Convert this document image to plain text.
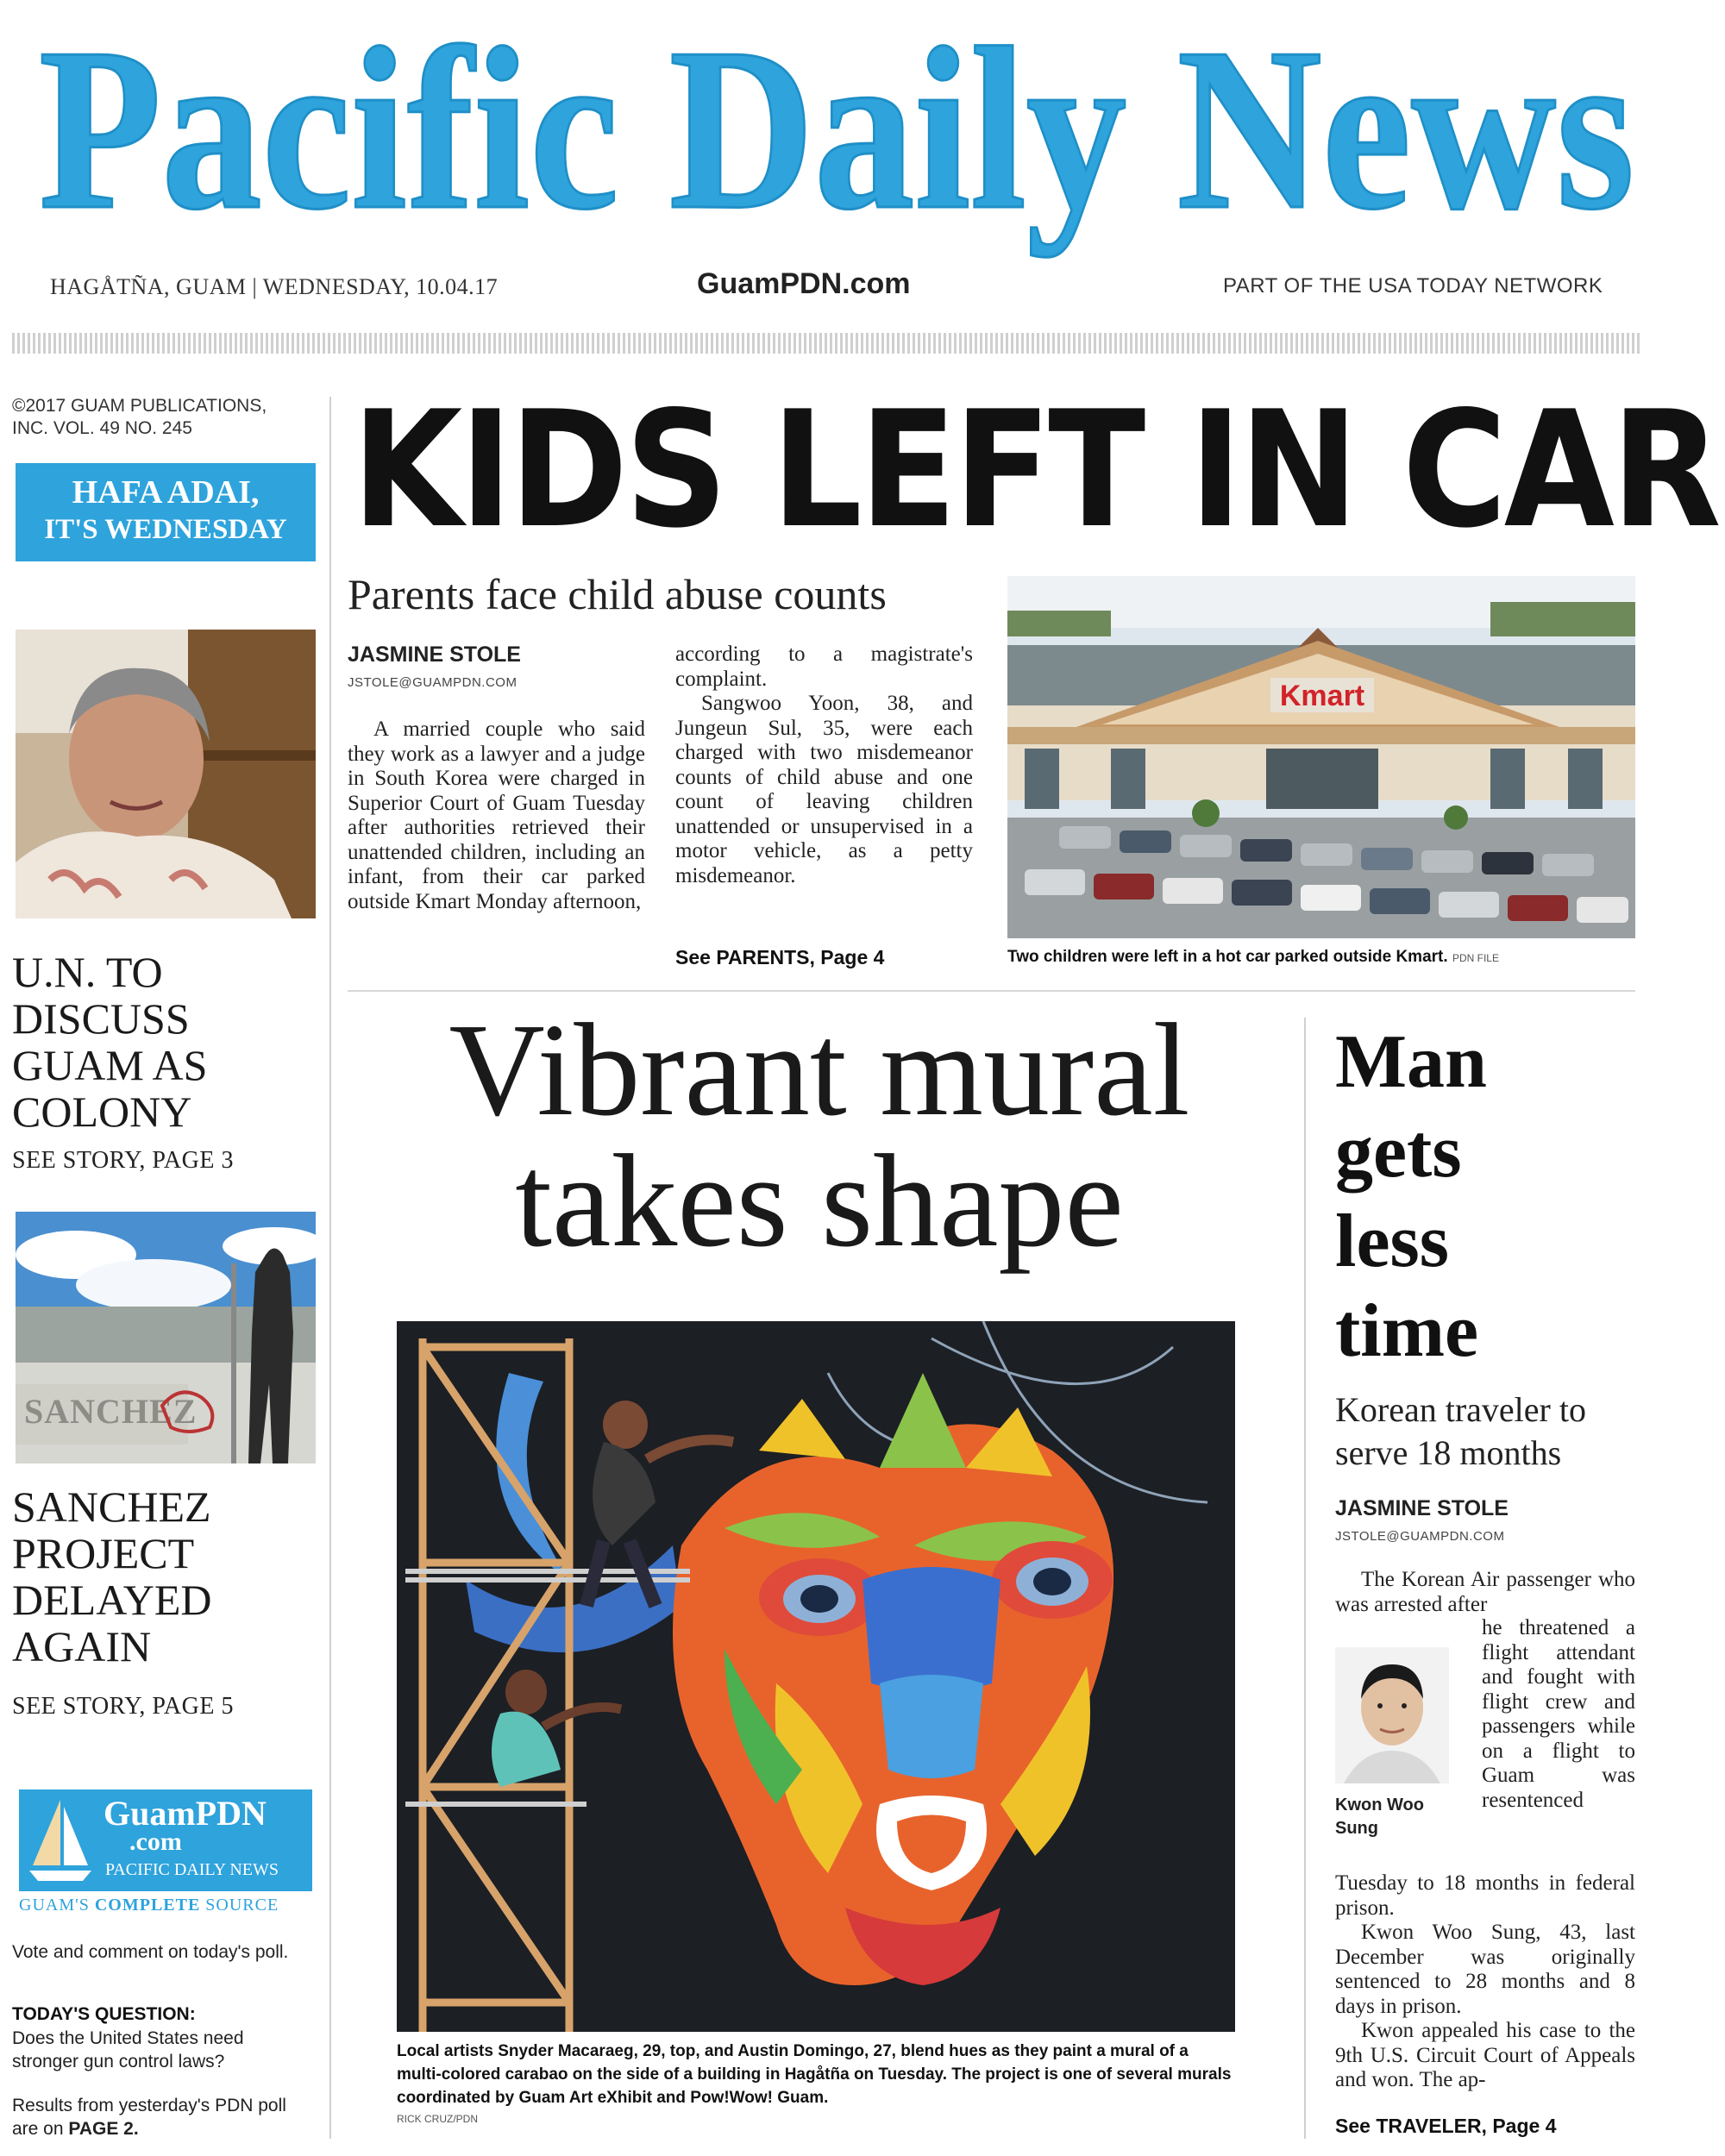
Pacific Daily News
HAGÅTÑA, GUAM | WEDNESDAY, 10.04.17	GuamPDN.com	PART OF THE USA TODAY NETWORK
©2017 GUAM PUBLICATIONS, INC. VOL. 49 NO. 245
HAFA ADAI,
IT'S WEDNESDAY
U.N. TO
DISCUSS
GUAM AS
COLONY
SEE STORY, PAGE 3
SANCHEZ
SANCHEZ
PROJECT
DELAYED
AGAIN
SEE STORY, PAGE 5
GuamPDN
.com
PACIFIC DAILY NEWS
GUAM'S COMPLETE SOURCE
Vote and comment on today's poll.
TODAY'S QUESTION:
Does the United States need stronger gun control laws?
Results from yesterday's PDN poll are on PAGE 2.
KIDS LEFT IN CAR
Parents face child abuse counts
JASMINE STOLE
JSTOLE@GUAMPDN.COM

A married couple who said they work as a lawyer and a judge in South Korea were charged in Superior Court of Guam Tuesday after authorities retrieved their unattended children, including an infant, from their car parked outside Kmart Monday afternoon,

according to a magistrate's complaint.

Sangwoo Yoon, 38, and Jungeun Sul, 35, were each charged with two misdemeanor counts of child abuse and one count of leaving children unattended or unsupervised in a motor vehicle, as a petty misdemeanor.

See PARENTS, Page 4
Kmart
Two children were left in a hot car parked outside Kmart. PDN FILE
Vibrant mural
takes shape
Local artists Snyder Macaraeg, 29, top, and Austin Domingo, 27, blend hues as they paint a mural of a multi-colored carabao on the side of a building in Hagåtña on Tuesday. The project is one of several murals coordinated by Guam Art eXhibit and Pow!Wow! Guam.
RICK CRUZ/PDN
Man
gets
less
time
Korean traveler to
serve 18 months
JASMINE STOLE
JSTOLE@GUAMPDN.COM

The Korean Air passenger who was arrested after

Kwon Woo Sung
he threatened a flight attendant and fought with flight crew and passengers while on a flight to Guam was resentenced
Tuesday to 18 months in federal prison.

Kwon Woo Sung, 43, last December was originally sentenced to 28 months and 8 days in prison.

Kwon appealed his case to the 9th U.S. Circuit Court of Appeals and won. The ap-

See TRAVELER, Page 4
